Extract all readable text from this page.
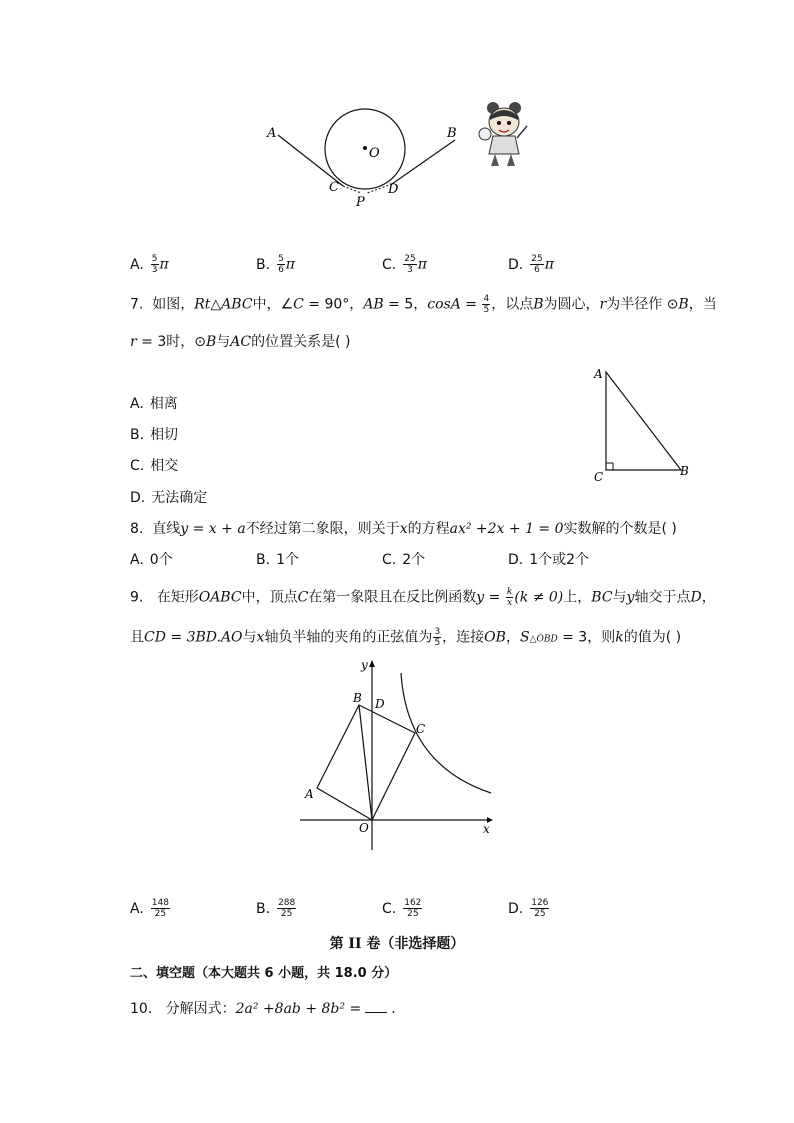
A	B
O
C	D
P
A. $\frac{5}{3}$ π	B. $\frac{5}{6}$ π	C. $\frac{25}{3}$ π	D. $\frac{25}{6}$ π
7. 如图，Rt△ABC中，∠C = 90°，AB = 5，$\cos A = \frac{4}{5}$ ，以点B为圆心，r为半径作 ⊙B，当
r = 3时，⊙B与AC的位置关系是( )
A
C	B
A. 相离
B. 相切
C. 相交
D. 无法确定
8. 直线y = x + a不经过第二象限，则关于x的方程ax² +2x + 1 = 0实数解的个数是( )
A. 0个	B. 1个	C. 2个	D. 1个或2个
9. 在矩形OABC中，顶点C在第一象限且在反比例函数$y = \frac{k}{x} (k \ne 0)$上，BC与y轴交于点D，
且CD = 3BD.AO与x轴负半轴的夹角的正弦值为 $\frac{3}{5}$ ，连接OB，S△OBD = 3，则k的值为( )
y
x
B D
C
A
O
A. $\frac{148}{25}$	B. $\frac{288}{25}$	C. $\frac{162}{25}$	D. $\frac{126}{25}$
第 II 卷（非选择题）
二、填空题（本大题共 6 小题，共 18.0 分）
10. 分解因式：2a² +8ab + 8b² = .
